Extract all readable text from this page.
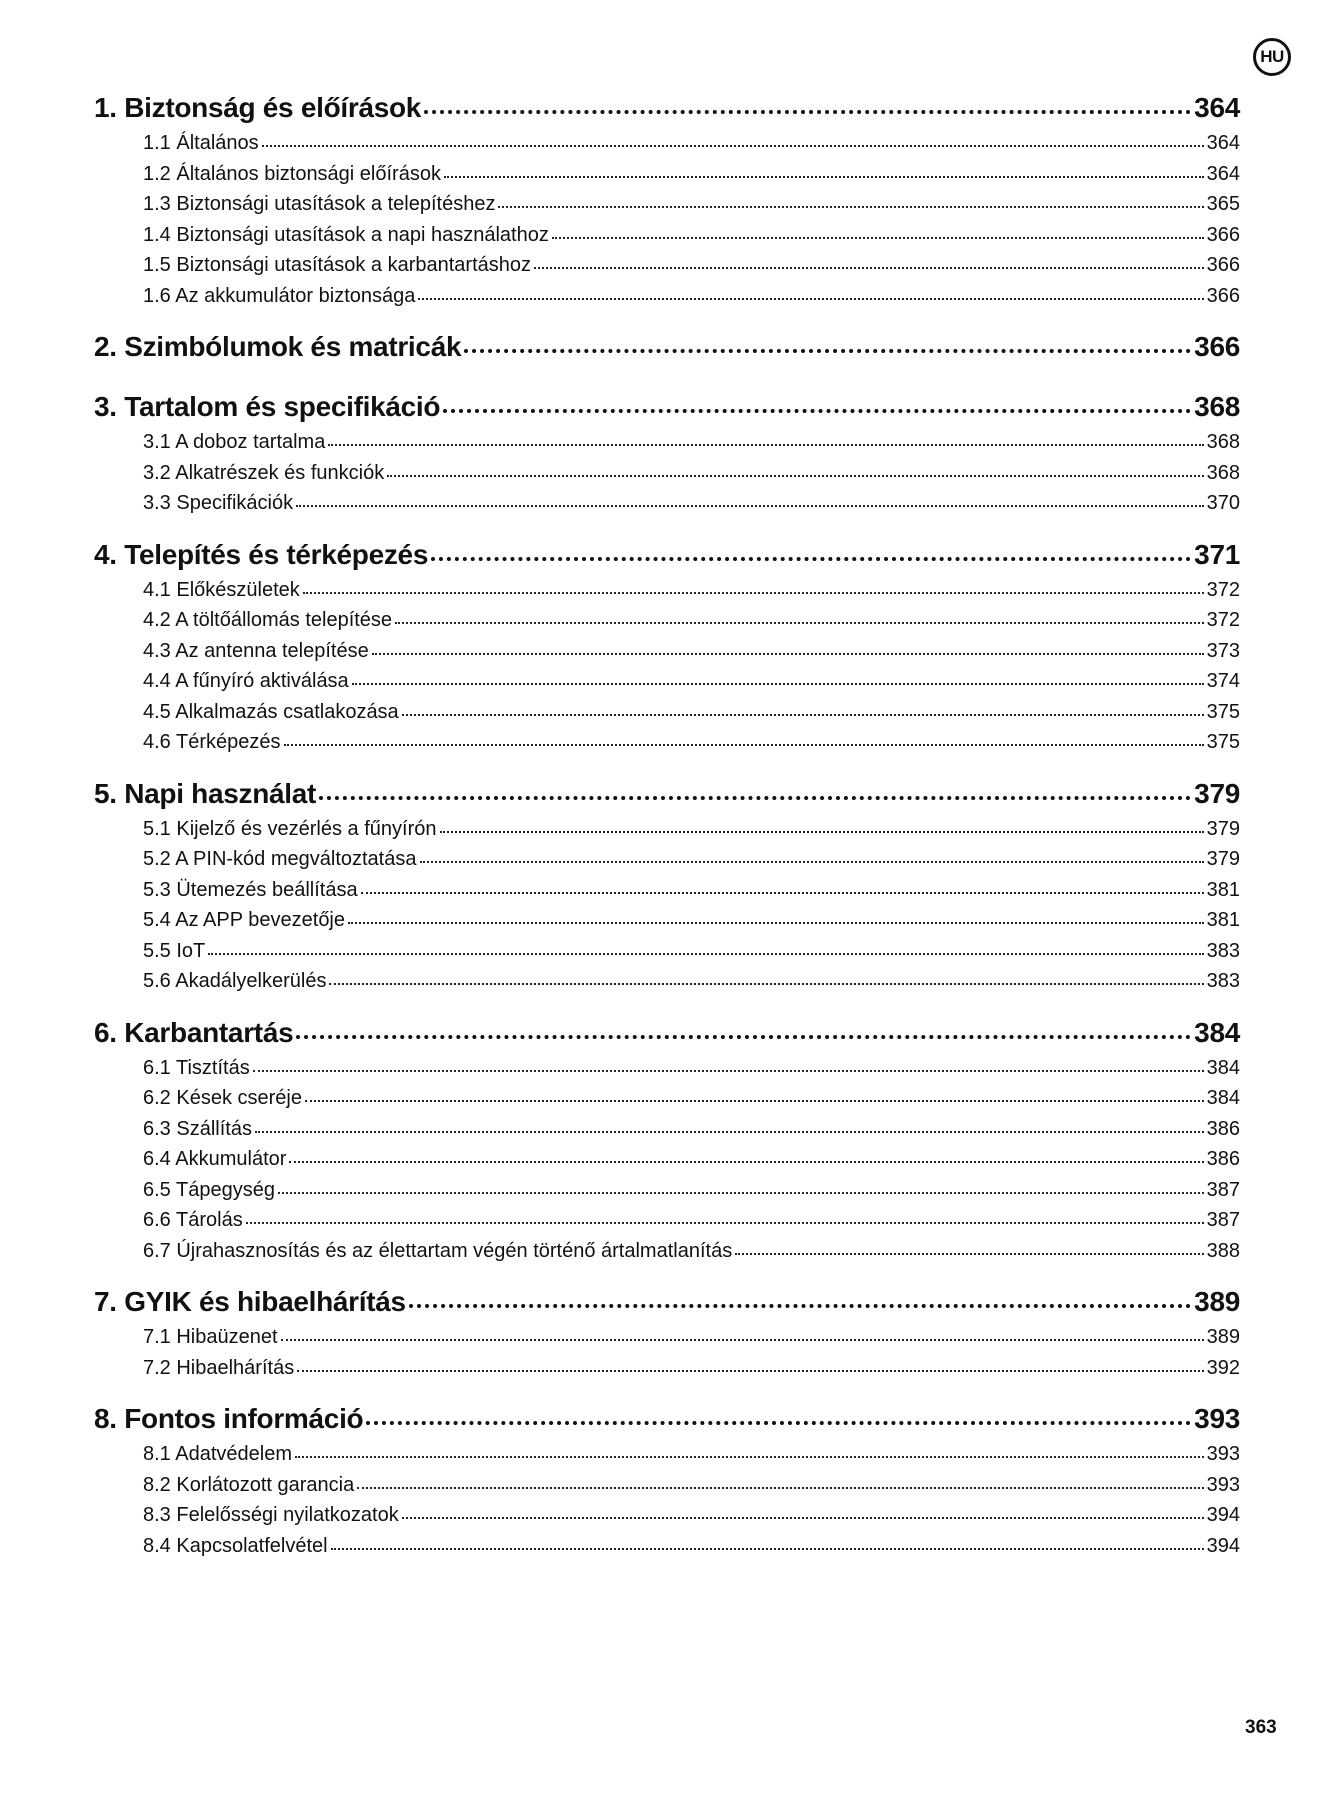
HU
1. Biztonság és előírások	364
1.1 Általános	364
1.2 Általános biztonsági előírások	364
1.3 Biztonsági utasítások a telepítéshez	365
1.4 Biztonsági utasítások a napi használathoz	366
1.5 Biztonsági utasítások a karbantartáshoz	366
1.6 Az akkumulátor biztonsága	366
2. Szimbólumok és matricák	366
3. Tartalom és specifikáció	368
3.1 A doboz tartalma	368
3.2 Alkatrészek és funkciók	368
3.3 Specifikációk	370
4. Telepítés és térképezés	371
4.1 Előkészületek	372
4.2 A töltőállomás telepítése	372
4.3 Az antenna telepítése	373
4.4 A fűnyíró aktiválása	374
4.5 Alkalmazás csatlakozása	375
4.6 Térképezés	375
5. Napi használat	379
5.1 Kijelző és vezérlés a fűnyírón	379
5.2 A PIN-kód megváltoztatása	379
5.3 Ütemezés beállítása	381
5.4 Az APP bevezetője	381
5.5 IoT	383
5.6 Akadályelkerülés	383
6. Karbantartás	384
6.1 Tisztítás	384
6.2 Kések cseréje	384
6.3 Szállítás	386
6.4 Akkumulátor	386
6.5 Tápegység	387
6.6 Tárolás	387
6.7 Újrahasznosítás és az élettartam végén történő ártalmatlanítás	388
7. GYIK és hibaelhárítás	389
7.1 Hibaüzenet	389
7.2 Hibaelhárítás	392
8. Fontos információ	393
8.1 Adatvédelem	393
8.2 Korlátozott garancia	393
8.3 Felelősségi nyilatkozatok	394
8.4 Kapcsolatfelvétel	394
363
